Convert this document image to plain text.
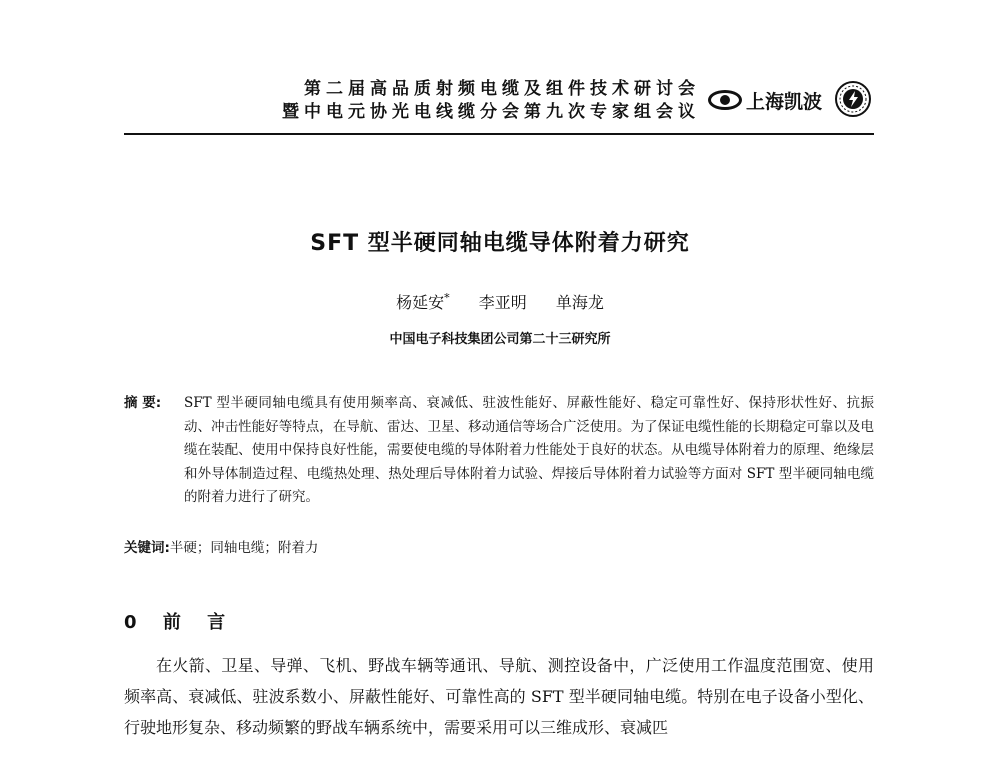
第二届高品质射频电缆及组件技术研讨会
暨中电元协光电线缆分会第九次专家组会议 上海凯波
SFT 型半硬同轴电缆导体附着力研究
杨延安* 李亚明 单海龙
中国电子科技集团公司第二十三研究所
摘 要: SFT 型半硬同轴电缆具有使用频率高、衰减低、驻波性能好、屏蔽性能好、稳定可靠性好、保持形状性好、抗振动、冲击性能好等特点，在导航、雷达、卫星、移动通信等场合广泛使用。为了保证电缆性能的长期稳定可靠以及电缆在装配、使用中保持良好性能，需要使电缆的导体附着力性能处于良好的状态。从电缆导体附着力的原理、绝缘层和外导体制造过程、电缆热处理、热处理后导体附着力试验、焊接后导体附着力试验等方面对 SFT 型半硬同轴电缆的附着力进行了研究。
关键词:半硬；同轴电缆；附着力
0 前 言
在火箭、卫星、导弹、飞机、野战车辆等通讯、导航、测控设备中，广泛使用工作温度范围宽、使用频率高、衰减低、驻波系数小、屏蔽性能好、可靠性高的 SFT 型半硬同轴电缆。特别在电子设备小型化、行驶地形复杂、移动频繁的野战车辆系统中，需要采用可以三维成形、衰减匹
